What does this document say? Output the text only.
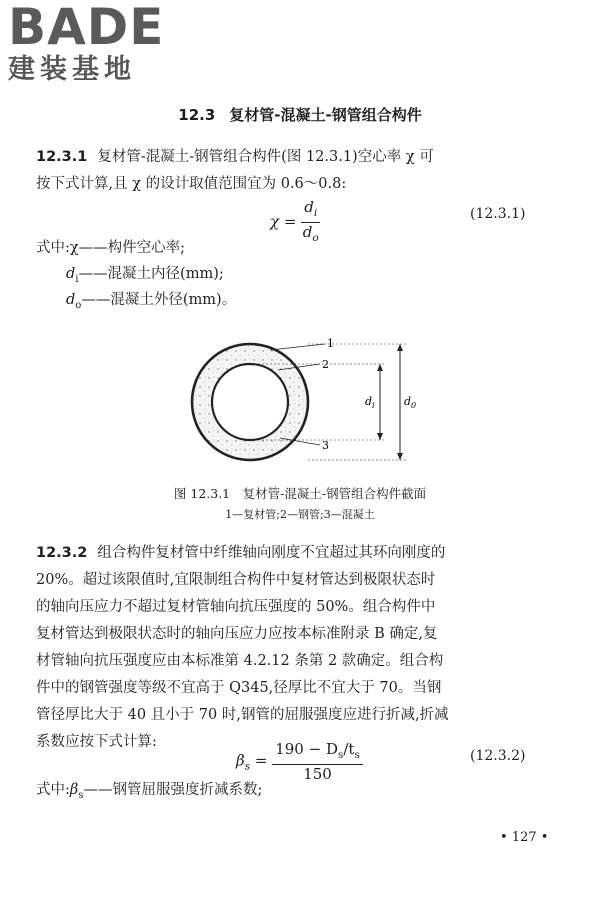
BADE
建装基地
12.3 复材管-混凝土-钢管组合构件
12.3.1 复材管-混凝土-钢管组合构件(图 12.3.1)空心率 χ 可
按下式计算,且 χ 的设计取值范围宜为 0.6～0.8:
$\chi = \frac{d_i}{d_o}$	(12.3.1)
式中:χ——构件空心率;
$d_i——$混凝土内径(mm);
$d_o——$混凝土外径(mm)。
1
2
3
$d_i$	$d_0$
图 12.3.1　复材管-混凝土-钢管组合构件截面
1—复材管;2—钢管;3—混凝土
12.3.2 组合构件复材管中纤维轴向刚度不宜超过其环向刚度的
20%。超过该限值时,宜限制组合构件中复材管达到极限状态时
的轴向压应力不超过复材管轴向抗压强度的 50%。组合构件中
复材管达到极限状态时的轴向压应力应按本标准附录 B 确定,复
材管轴向抗压强度应由本标准第 4.2.12 条第 2 款确定。组合构
件中的钢管强度等级不宜高于 Q345,径厚比不宜大于 70。当钢
管径厚比大于 40 且小于 70 时,钢管的屈服强度应进行折减,折减
系数应按下式计算:
$\beta_s = \frac{190 - D_s/t_s}{150}$	(12.3.2)
式中$:\beta_s——$钢管屈服强度折减系数;
• 127 •
